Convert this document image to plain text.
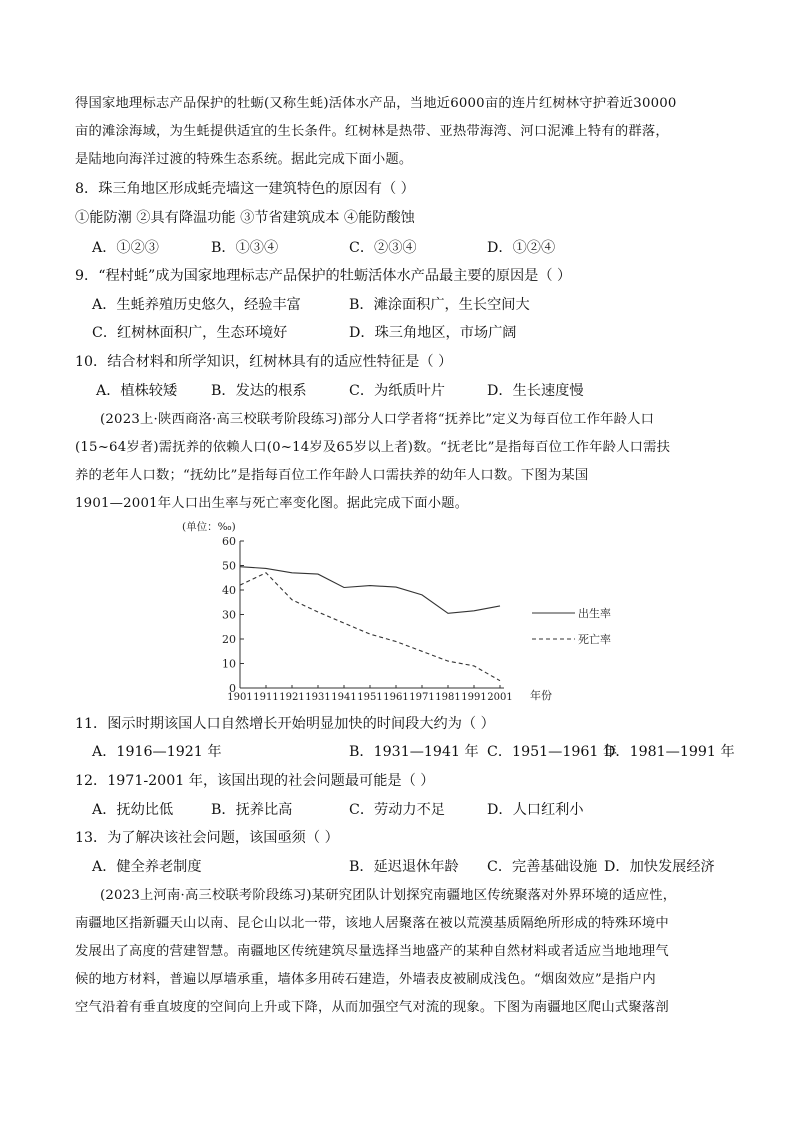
得国家地理标志产品保护的牡蛎(又称生蚝)活体水产品，当地近6000亩的连片红树林守护着近30000
亩的滩涂海域，为生蚝提供适宜的生长条件。红树林是热带、亚热带海湾、河口泥滩上特有的群落，
是陆地向海洋过渡的特殊生态系统。据此完成下面小题。
8．珠三角地区形成蚝壳墙这一建筑特色的原因有（ ）
①能防潮 ②具有降温功能 ③节省建筑成本 ④能防酸蚀
A．①②③	B．①③④	C．②③④	D．①②④
9．“程村蚝”成为国家地理标志产品保护的牡蛎活体水产品最主要的原因是（ ）
A．生蚝养殖历史悠久，经验丰富	B．滩涂面积广，生长空间大
C．红树林面积广，生态环境好	D．珠三角地区，市场广阔
10．结合材料和所学知识，红树林具有的适应性特征是（ ）
A．植株较矮 B．发达的根系	C．为纸质叶片	D．生长速度慢
(2023上·陕西商洛·高三校联考阶段练习)部分人口学者将“抚养比”定义为每百位工作年龄人口
(15~64岁者)需抚养的依赖人口(0~14岁及65岁以上者)数。“抚老比”是指每百位工作年龄人口需扶
养的老年人口数；“抚幼比”是指每百位工作年龄人口需扶养的幼年人口数。下图为某国
1901—2001年人口出生率与死亡率变化图。据此完成下面小题。
(单位：‰)
0
10
20
30
40
50
60
1901 1911 1921 1931 1941 1951 1961 1971 1981 1991 2001
出生率
死亡率
年份
11．图示时期该国人口自然增长开始明显加快的时间段大约为（ ）
A．1916—1921 年	B．1931—1941 年 C．1951—1961 年
D．1981—1991 年
12．1971-2001 年，该国出现的社会问题最可能是（ ）
A．抚幼比低	B．抚养比高	C．劳动力不足	D．人口红利小
13．为了解决该社会问题，该国亟须（ ）
A．健全养老制度	B．延迟退休年龄 C．完善基础设施 D．加快发展经济
(2023上河南·高三校联考阶段练习)某研究团队计划探究南疆地区传统聚落对外界环境的适应性，
南疆地区指新疆天山以南、昆仑山以北一带，该地人居聚落在被以荒漠基质隔绝所形成的特殊环境中
发展出了高度的营建智慧。南疆地区传统建筑尽量选择当地盛产的某种自然材料或者适应当地地理气
候的地方材料，普遍以厚墙承重，墙体多用砖石建造，外墙表皮被刷成浅色。“烟囱效应”是指户内
空气沿着有垂直坡度的空间向上升或下降，从而加强空气对流的现象。下图为南疆地区爬山式聚落剖
